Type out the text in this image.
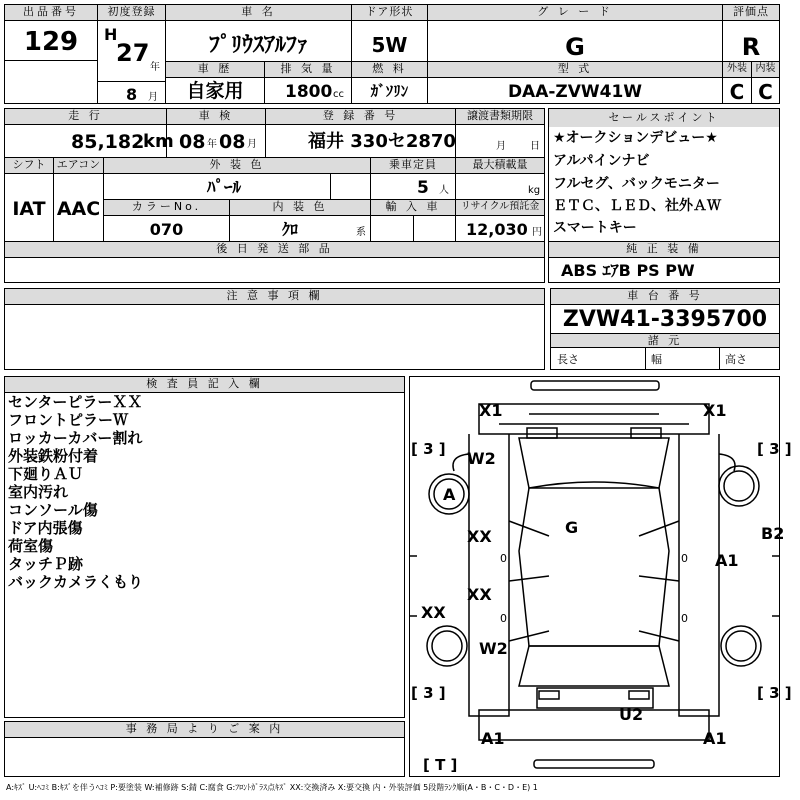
出品番号
129
初度登録
H
27
年
8 月
車 名
ﾌﾟﾘｳｽｱﾙﾌｧ
ドア形状
5W
グ レ ー ド
G
評価点
R
車 歴
自家用
排 気 量
1800 cc
燃 料
ｶﾞｿﾘﾝ
型 式
DAA-ZVW41W
外装
C
内装
C
走 行
85,182
km
車 検
08 年 08 月
登 録 番 号
福井 330セ2870
譲渡書類期限
月 日
シフト
IAT
エアコン
AAC
外 装 色
ﾊﾟｰﾙ
乗車定員
5 人
最大積載量
kg
カラーNo.
070
内 装 色
ｸﾛ	系
輸 入 車	リサイクル預託金
12,030 円
後 日 発 送 部 品
セールスポイント
★オークションデビュー★
アルパインナビ
フルセグ、バックモニター
ＥＴＣ、ＬＥＤ、社外ＡＷ
スマートキー
純 正 装 備
ABS ｴｱB PS PW
注 意 事 項 欄	車 台 番 号
ZVW41-3395700
諸 元
長さ	幅	高さ
検 査 員 記 入 欄
センターピラーＸＸ
フロントピラーＷ
ロッカーカバー割れ
外装鉄粉付着
下廻りＡＵ
室内汚れ
コンソール傷
ドア内張傷
荷室傷
タッチＰ跡
バックカメラくもり
事 務 局 よ り ご 案 内
X1	X1
[ 3 ]	[ 3 ]
W2
A
G
XX	B2
A1
XX
XX
W2
[ 3 ]	[ 3 ]
U2
A1	A1
[ T ]
0
0
0
0
A:ｷｽﾞ U:ﾍｺﾐ B:ｷｽﾞを伴うﾍｺﾐ P:要塗装 W:補修跡 S:錆 C:腐食 G:ﾌﾛﾝﾄｶﾞﾗｽ点ｷｽﾞ XX:交換済み X:要交換 内・外装評価 5段階ﾗﾝｸ順(A・B・C・D・E) 1
